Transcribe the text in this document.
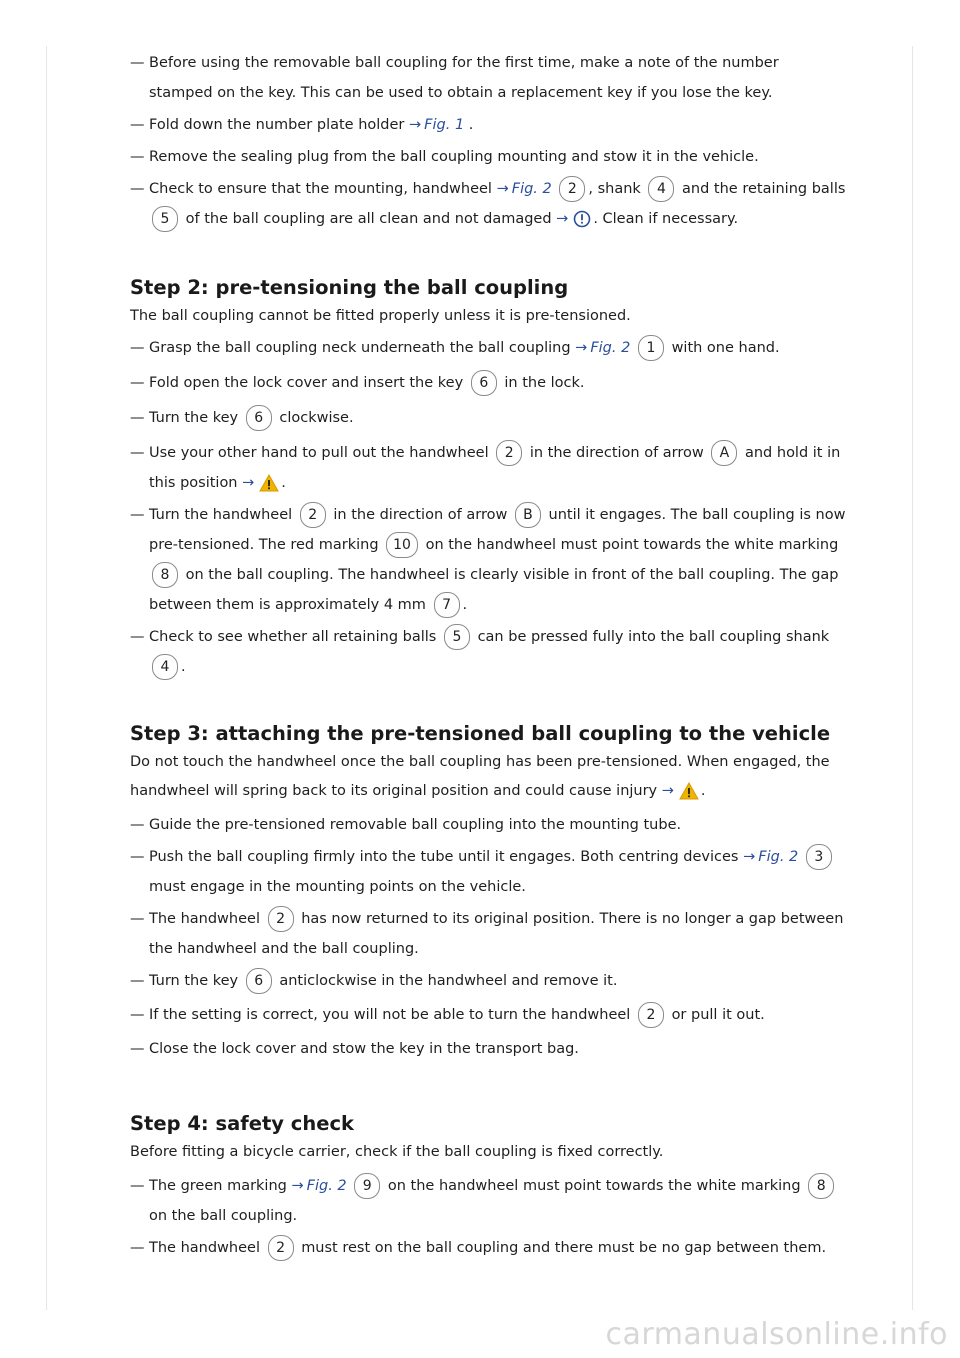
— Before using the removable ball coupling for the first time, make a note of the number
stamped on the key. This can be used to obtain a replacement key if you lose the key.
— Fold down the number plate holder → Fig. 1 .
— Remove the sealing plug from the ball coupling mounting and stow it in the vehicle.
— Check to ensure that the mounting, handwheel → Fig. 2 2 , shank 4 and the retaining balls
5 of the ball coupling are all clean and not damaged → . Clean if necessary.
Step 2: pre-tensioning the ball coupling

The ball coupling cannot be fitted properly unless it is pre-tensioned.

— Grasp the ball coupling neck underneath the ball coupling → Fig. 2 1 with one hand.
— Fold open the lock cover and insert the key 6 in the lock.
— Turn the key 6 clockwise.
— Use your other hand to pull out the handwheel 2 in the direction of arrow A and hold it in
this position → .
— Turn the handwheel 2 in the direction of arrow B until it engages. The ball coupling is now
pre-tensioned. The red marking 10 on the handwheel must point towards the white marking
8 on the ball coupling. The handwheel is clearly visible in front of the ball coupling. The gap
between them is approximately 4 mm 7 .
— Check to see whether all retaining balls 5 can be pressed fully into the ball coupling shank
4 .
Step 3: attaching the pre-tensioned ball coupling to the vehicle

Do not touch the handwheel once the ball coupling has been pre-tensioned. When engaged, the
handwheel will spring back to its original position and could cause injury → .

— Guide the pre-tensioned removable ball coupling into the mounting tube.
— Push the ball coupling firmly into the tube until it engages. Both centring devices → Fig. 2 3
must engage in the mounting points on the vehicle.
— The handwheel 2 has now returned to its original position. There is no longer a gap between
the handwheel and the ball coupling.
— Turn the key 6 anticlockwise in the handwheel and remove it.
— If the setting is correct, you will not be able to turn the handwheel 2 or pull it out.
— Close the lock cover and stow the key in the transport bag.
Step 4: safety check

Before fitting a bicycle carrier, check if the ball coupling is fixed correctly.

— The green marking → Fig. 2 9 on the handwheel must point towards the white marking 8
on the ball coupling.
— The handwheel 2 must rest on the ball coupling and there must be no gap between them.
carmanualsonline.info
